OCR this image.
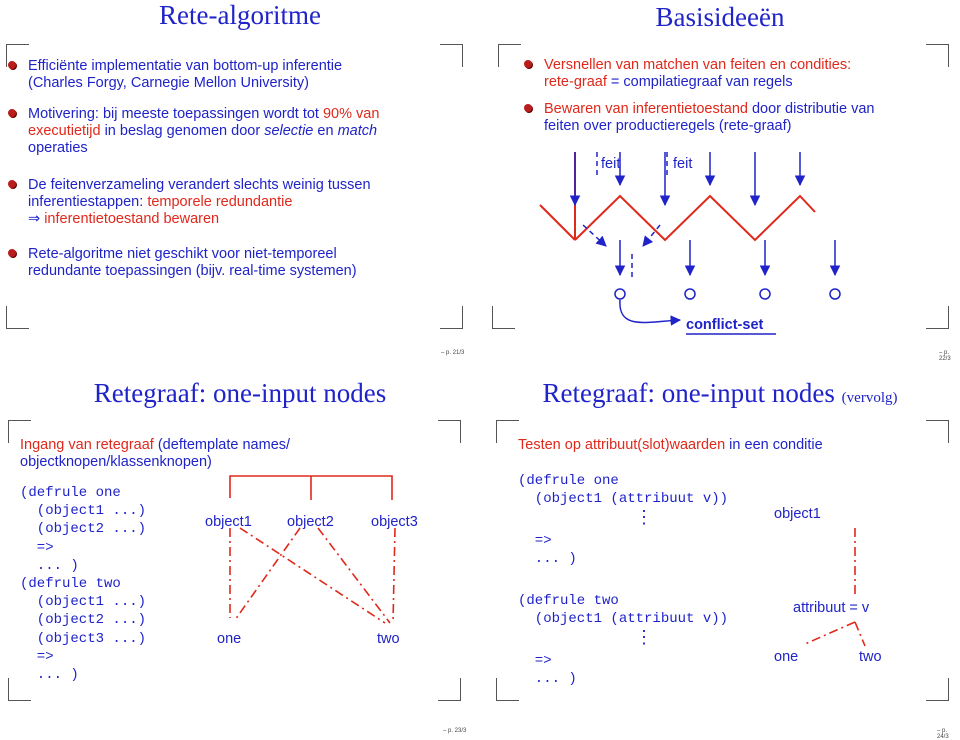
Rete-algoritme
Efficiënte implementatie van bottom-up inferentie
(Charles Forgy, Carnegie Mellon University)
Motivering: bij meeste toepassingen wordt tot 90% van
executietijd in beslag genomen door selectie en match
operaties
De feitenverzameling verandert slechts weinig tussen
inferentiestappen: temporele redundantie
⇒ inferentietoestand bewaren
Rete-algoritme niet geschikt voor niet-temporeel
redundante toepassingen (bijv. real-time systemen)
– p. 21/3
Basisideeën
Versnellen van matchen van feiten en condities:
rete-graaf = compilatiegraaf van regels
Bewaren van inferentietoestand door distributie van
feiten over productieregels (rete-graaf)
feit	feit
conflict-set
– p. 22/3
Retegraaf: one-input nodes
Ingang van retegraaf (deftemplate names/
objectknopen/klassenknopen)
(defrule one
(object1 ...)
(object2 ...)
=>
... )
(defrule two
(object1 ...)
(object2 ...)
(object3 ...)
=>
... )
object1 object2	object3
one	two
– p. 23/3
Retegraaf: one-input nodes (vervolg)
Testen op attribuut(slot)waarden in een conditie
(defrule one
(object1 (attribuut v))
⋮
=>
... )
(defrule two
(object1 (attribuut v))
⋮
=>
... )
object1
attribuut = v
one	two
– p. 24/3
